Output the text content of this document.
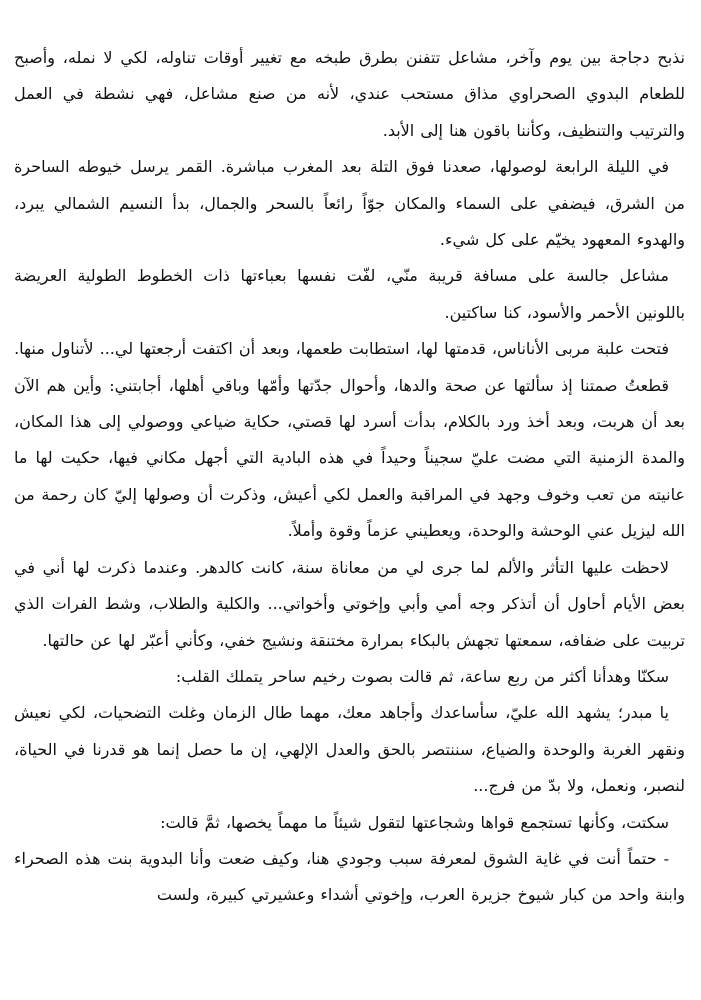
نذبح دجاجة بين يوم وآخر، مشاعل تتفنن بطرق طبخه مع تغيير أوقات تناوله، لكي لا نمله، وأصبح للطعام البدوي الصحراوي مذاق مستحب عندي، لأنه من صنع مشاعل، فهي نشطة في العمل والترتيب والتنظيف، وكأننا باقون هنا إلى الأبد.

في الليلة الرابعة لوصولها، صعدنا فوق التلة بعد المغرب مباشرة. القمر يرسل خيوطه الساحرة من الشرق، فيضفي على السماء والمكان جوّاً رائعاً بالسحر والجمال، بدأ النسيم الشمالي يبرد، والهدوء المعهود يخيّم على كل شيء.

مشاعل جالسة على مسافة قريبة منّي، لفّت نفسها بعباءتها ذات الخطوط الطولية العريضة باللونين الأحمر والأسود، كنا ساكتين.

فتحت علبة مربى الأناناس، قدمتها لها، استطابت طعمها، وبعد أن اكتفت أرجعتها لي... لأتناول منها.

قطعتُ صمتنا إذ سألتها عن صحة والدها، وأحوال جدّتها وأمّها وباقي أهلها، أجابتني: وأين هم الآن بعد أن هربت، وبعد أخذ ورد بالكلام، بدأت أسرد لها قصتي، حكاية ضياعي ووصولي إلى هذا المكان، والمدة الزمنية التي مضت عليّ سجيناً وحيداً في هذه البادية التي أجهل مكاني فيها، حكيت لها ما عانيته من تعب وخوف وجهد في المراقبة والعمل لكي أعيش، وذكرت أن وصولها إليّ كان رحمة من الله ليزيل عني الوحشة والوحدة، ويعطيني عزماً وقوة وأملاً.

لاحظت عليها التأثر والألم لما جرى لي من معاناة سنة، كانت كالدهر. وعندما ذكرت لها أني في بعض الأيام أحاول أن أتذكر وجه أمي وأبي وإخوتي وأخواتي... والكلية والطلاب، وشط الفرات الذي تربيت على ضفافه، سمعتها تجهش بالبكاء بمرارة مختنقة ونشيج خفي، وكأني أعبّر لها عن حالتها.

سكنّا وهدأنا أكثر من ربع ساعة، ثم قالت بصوت رخيم ساحر يتملك القلب:

يا مبدر؛ يشهد الله عليّ، سأساعدك وأجاهد معك، مهما طال الزمان وغلت التضحيات، لكي نعيش ونقهر الغربة والوحدة والضياع، سننتصر بالحق والعدل الإلهي، إن ما حصل إنما هو قدرنا في الحياة، لنصبر، ونعمل، ولا بدّ من فرج...

سكتت، وكأنها تستجمع قواها وشجاعتها لتقول شيئاً ما مهماً يخصها، ثمَّ قالت:

- حتماً أنت في غاية الشوق لمعرفة سبب وجودي هنا، وكيف ضعت وأنا البدوية بنت هذه الصحراء وابنة واحد من كبار شيوخ جزيرة العرب، وإخوتي أشداء وعشيرتي كبيرة، ولست
